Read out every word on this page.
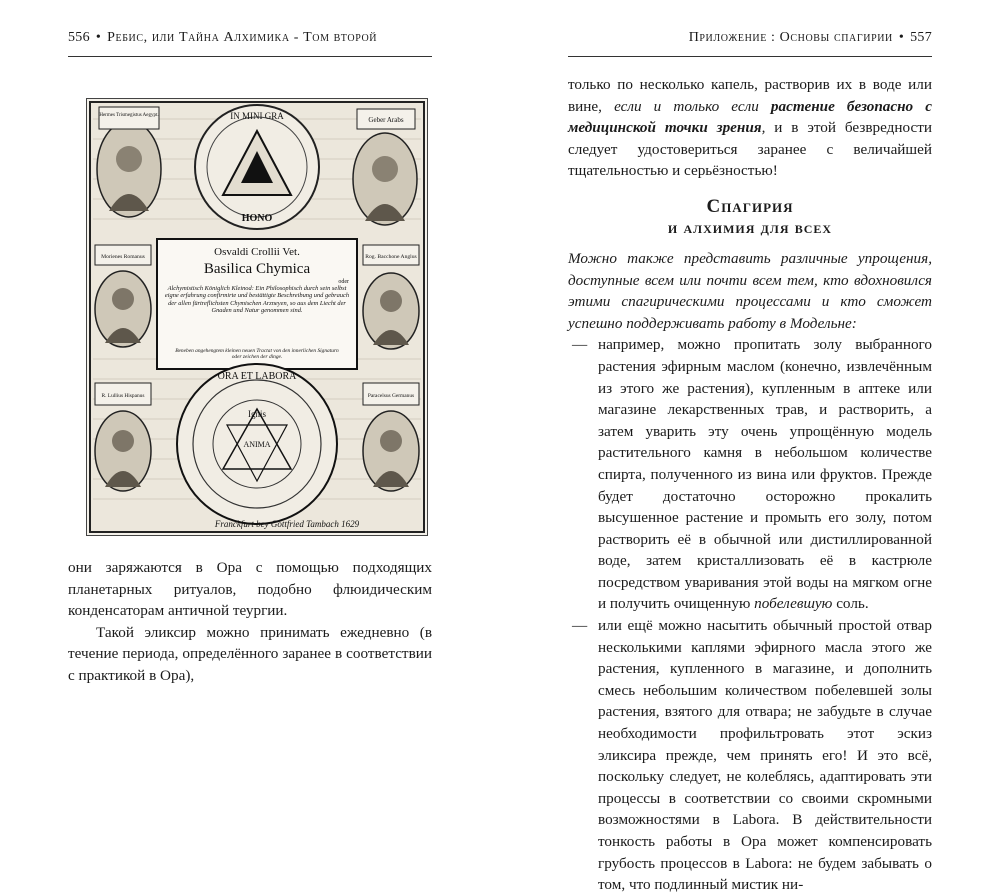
556 • Ребис, или Тайна Алхимика - Том второй
IN MINI GRA
HONO
Hermes Trismegistus Aegypt.
Geber Arabs
Osvaldi Crollii Vet.
Basilica Chymica
oder
Alchymistisch Königlich Kleinod: Ein Philosophisch durch sein selbst eigne erfahrung confirmirte und bestättigte Beschreibung und gebrauch der allen fürtreflichsten Chymischen Arzneyen, so aus dem Liecht der Gnaden und Natur genommen sind.
Beneben angehengtem kleinen neuen Tractat von den innerlichen Signaturn oder zeichen der dinge.
Morienes Romanus	Rog. Bacchone Anglus
R. Lullius Hispanus	Paracelsus Germanus
ORA ET LABORA
Ignis
ANIMA
Franckfurt bey Gottfried Tambach 1629

они заряжаются в Ора с помощью подходящих планетарных ритуалов, подобно флюидическим конденсаторам античной теургии.

Такой эликсир можно принимать ежедневно (в течение периода, определённого заранее в соответствии с практикой в Ора),

Приложение : Основы спагирии • 557

только по несколько капель, растворив их в воде или вине, если и только если растение безопасно с медицинской точки зрения, и в этой безвредности следует удостовериться заранее с величайшей тщательностью и серьёзностью!

Спагирия
и алхимия для всех

Можно также представить различные упрощения, доступные всем или почти всем тем, кто вдохновился этими спагирическими процессами и кто сможет успешно поддерживать работу в Модельне:

— например, можно пропитать золу выбранного растения эфирным маслом (конечно, извлечённым из этого же растения), купленным в аптеке или магазине лекарственных трав, и растворить, а затем уварить эту очень упрощённую модель растительного камня в небольшом количестве спирта, полученного из вина или фруктов. Прежде будет достаточно осторожно прокалить высушенное растение и промыть его золу, потом растворить её в обычной или дистиллированной воде, затем кристаллизовать её в кастрюле посредством уваривания этой воды на мягком огне и получить очищенную побелевшую соль.

— или ещё можно насытить обычный простой отвар несколькими каплями эфирного масла этого же растения, купленного в магазине, и дополнить смесь небольшим количеством побелевшей золы растения, взятого для отвара; не забудьте в случае необходимости профильтровать этот эскиз эликсира прежде, чем принять его! И это всё, поскольку следует, не колеблясь, адаптировать эти процессы в соответствии со своими скромными возможностями в Labora. В действительности тонкость работы в Ора может компенсировать грубость процессов в Labora: не будем забывать о том, что подлинный мистик ни-
